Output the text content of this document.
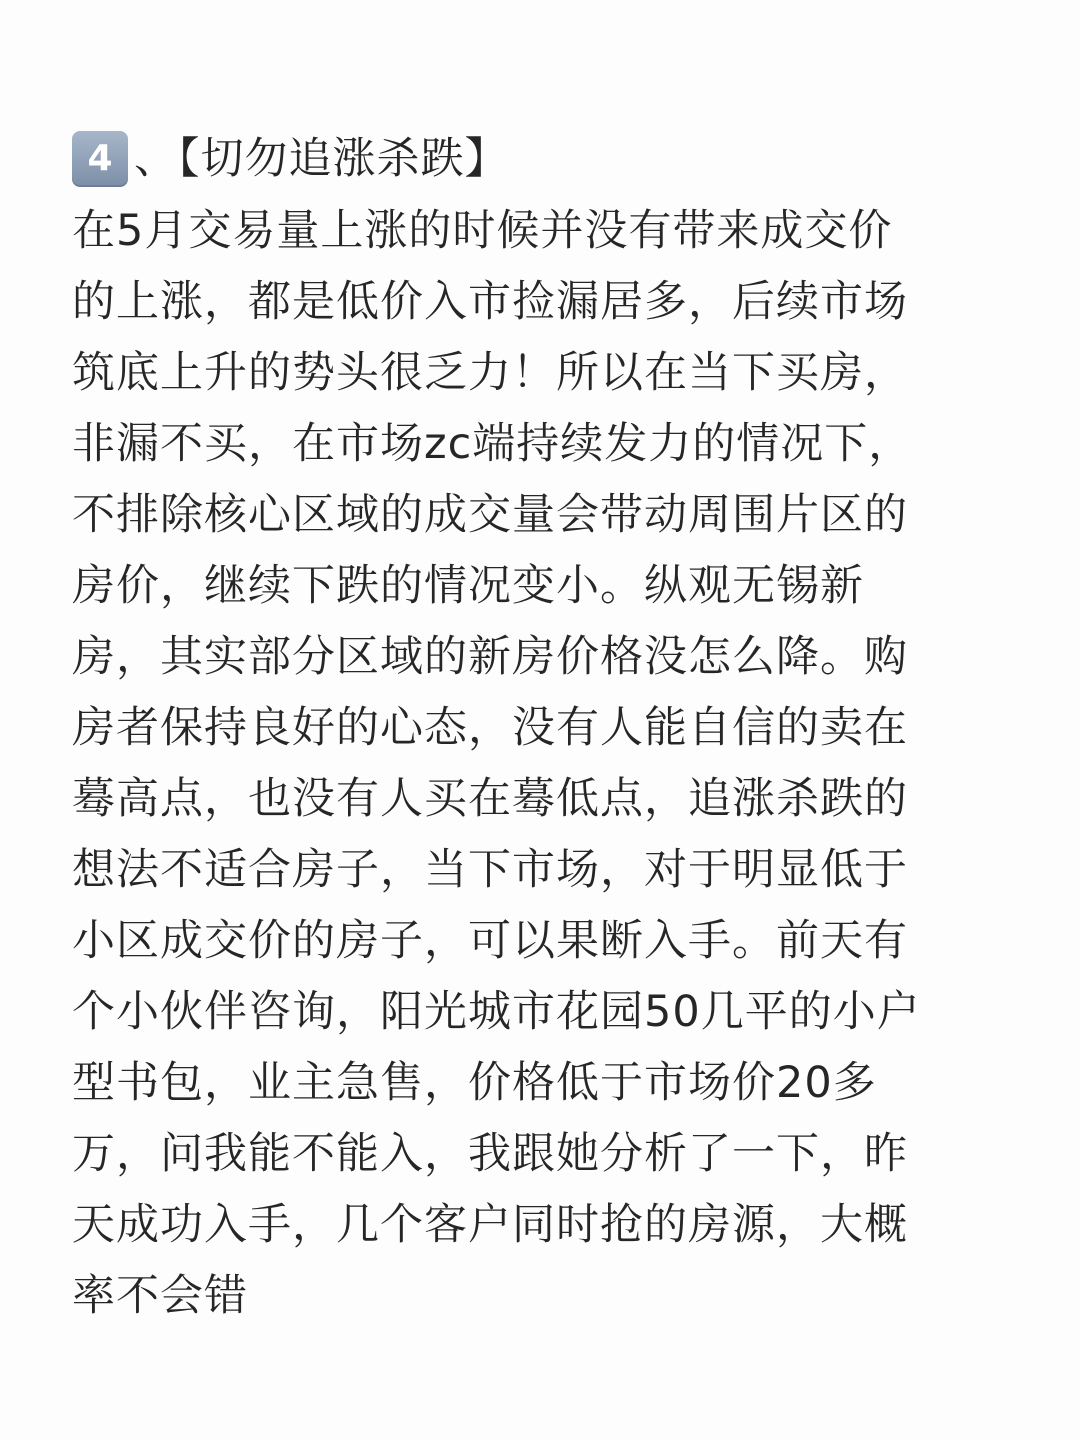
4 、【切勿追涨杀跌】
在5月交易量上涨的时候并没有带来成交价
的上涨，都是低价入市捡漏居多，后续市场
筑底上升的势头很乏力！所以在当下买房，
非漏不买，在市场zc端持续发力的情况下，
不排除核心区域的成交量会带动周围片区的
房价，继续下跌的情况变小。纵观无锡新
房，其实部分区域的新房价格没怎么降。购
房者保持良好的心态，没有人能自信的卖在
蓦高点，也没有人买在蓦低点，追涨杀跌的
想法不适合房子，当下市场，对于明显低于
小区成交价的房子，可以果断入手。前天有
个小伙伴咨询，阳光城市花园50几平的小户
型书包，业主急售，价格低于市场价20多
万，问我能不能入，我跟她分析了一下，昨
天成功入手，几个客户同时抢的房源，大概
率不会错
